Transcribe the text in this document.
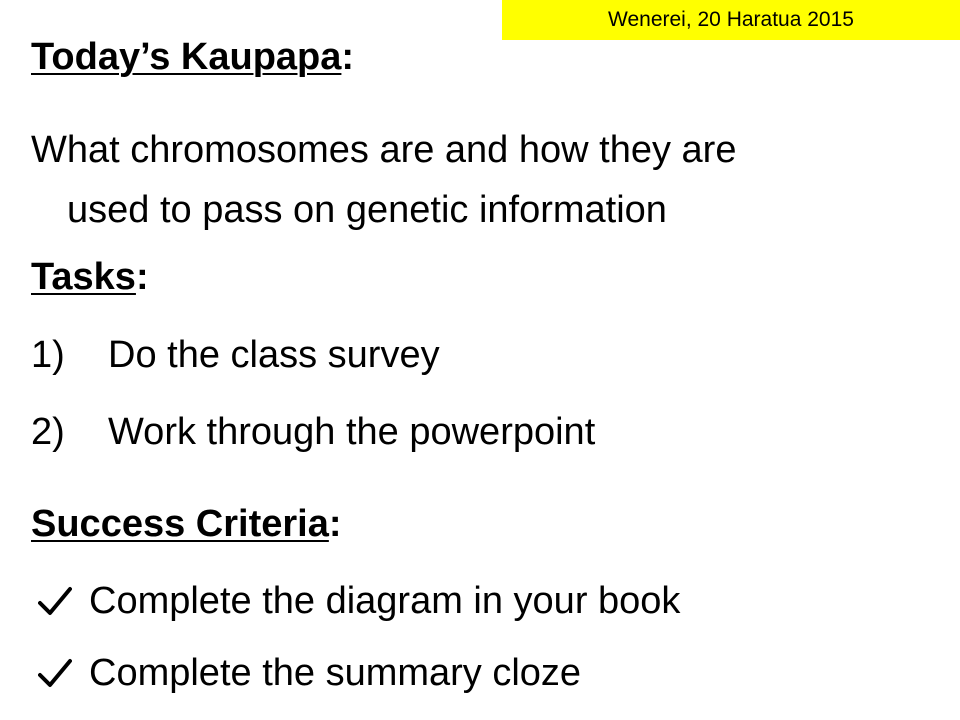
Wenerei, 20 Haratua 2015
Today’s Kaupapa:
What chromosomes are and how they are
used to pass on genetic information
Tasks:
1) Do the class survey
2) Work through the powerpoint
Success Criteria:
Complete the diagram in your book
Complete the summary cloze
